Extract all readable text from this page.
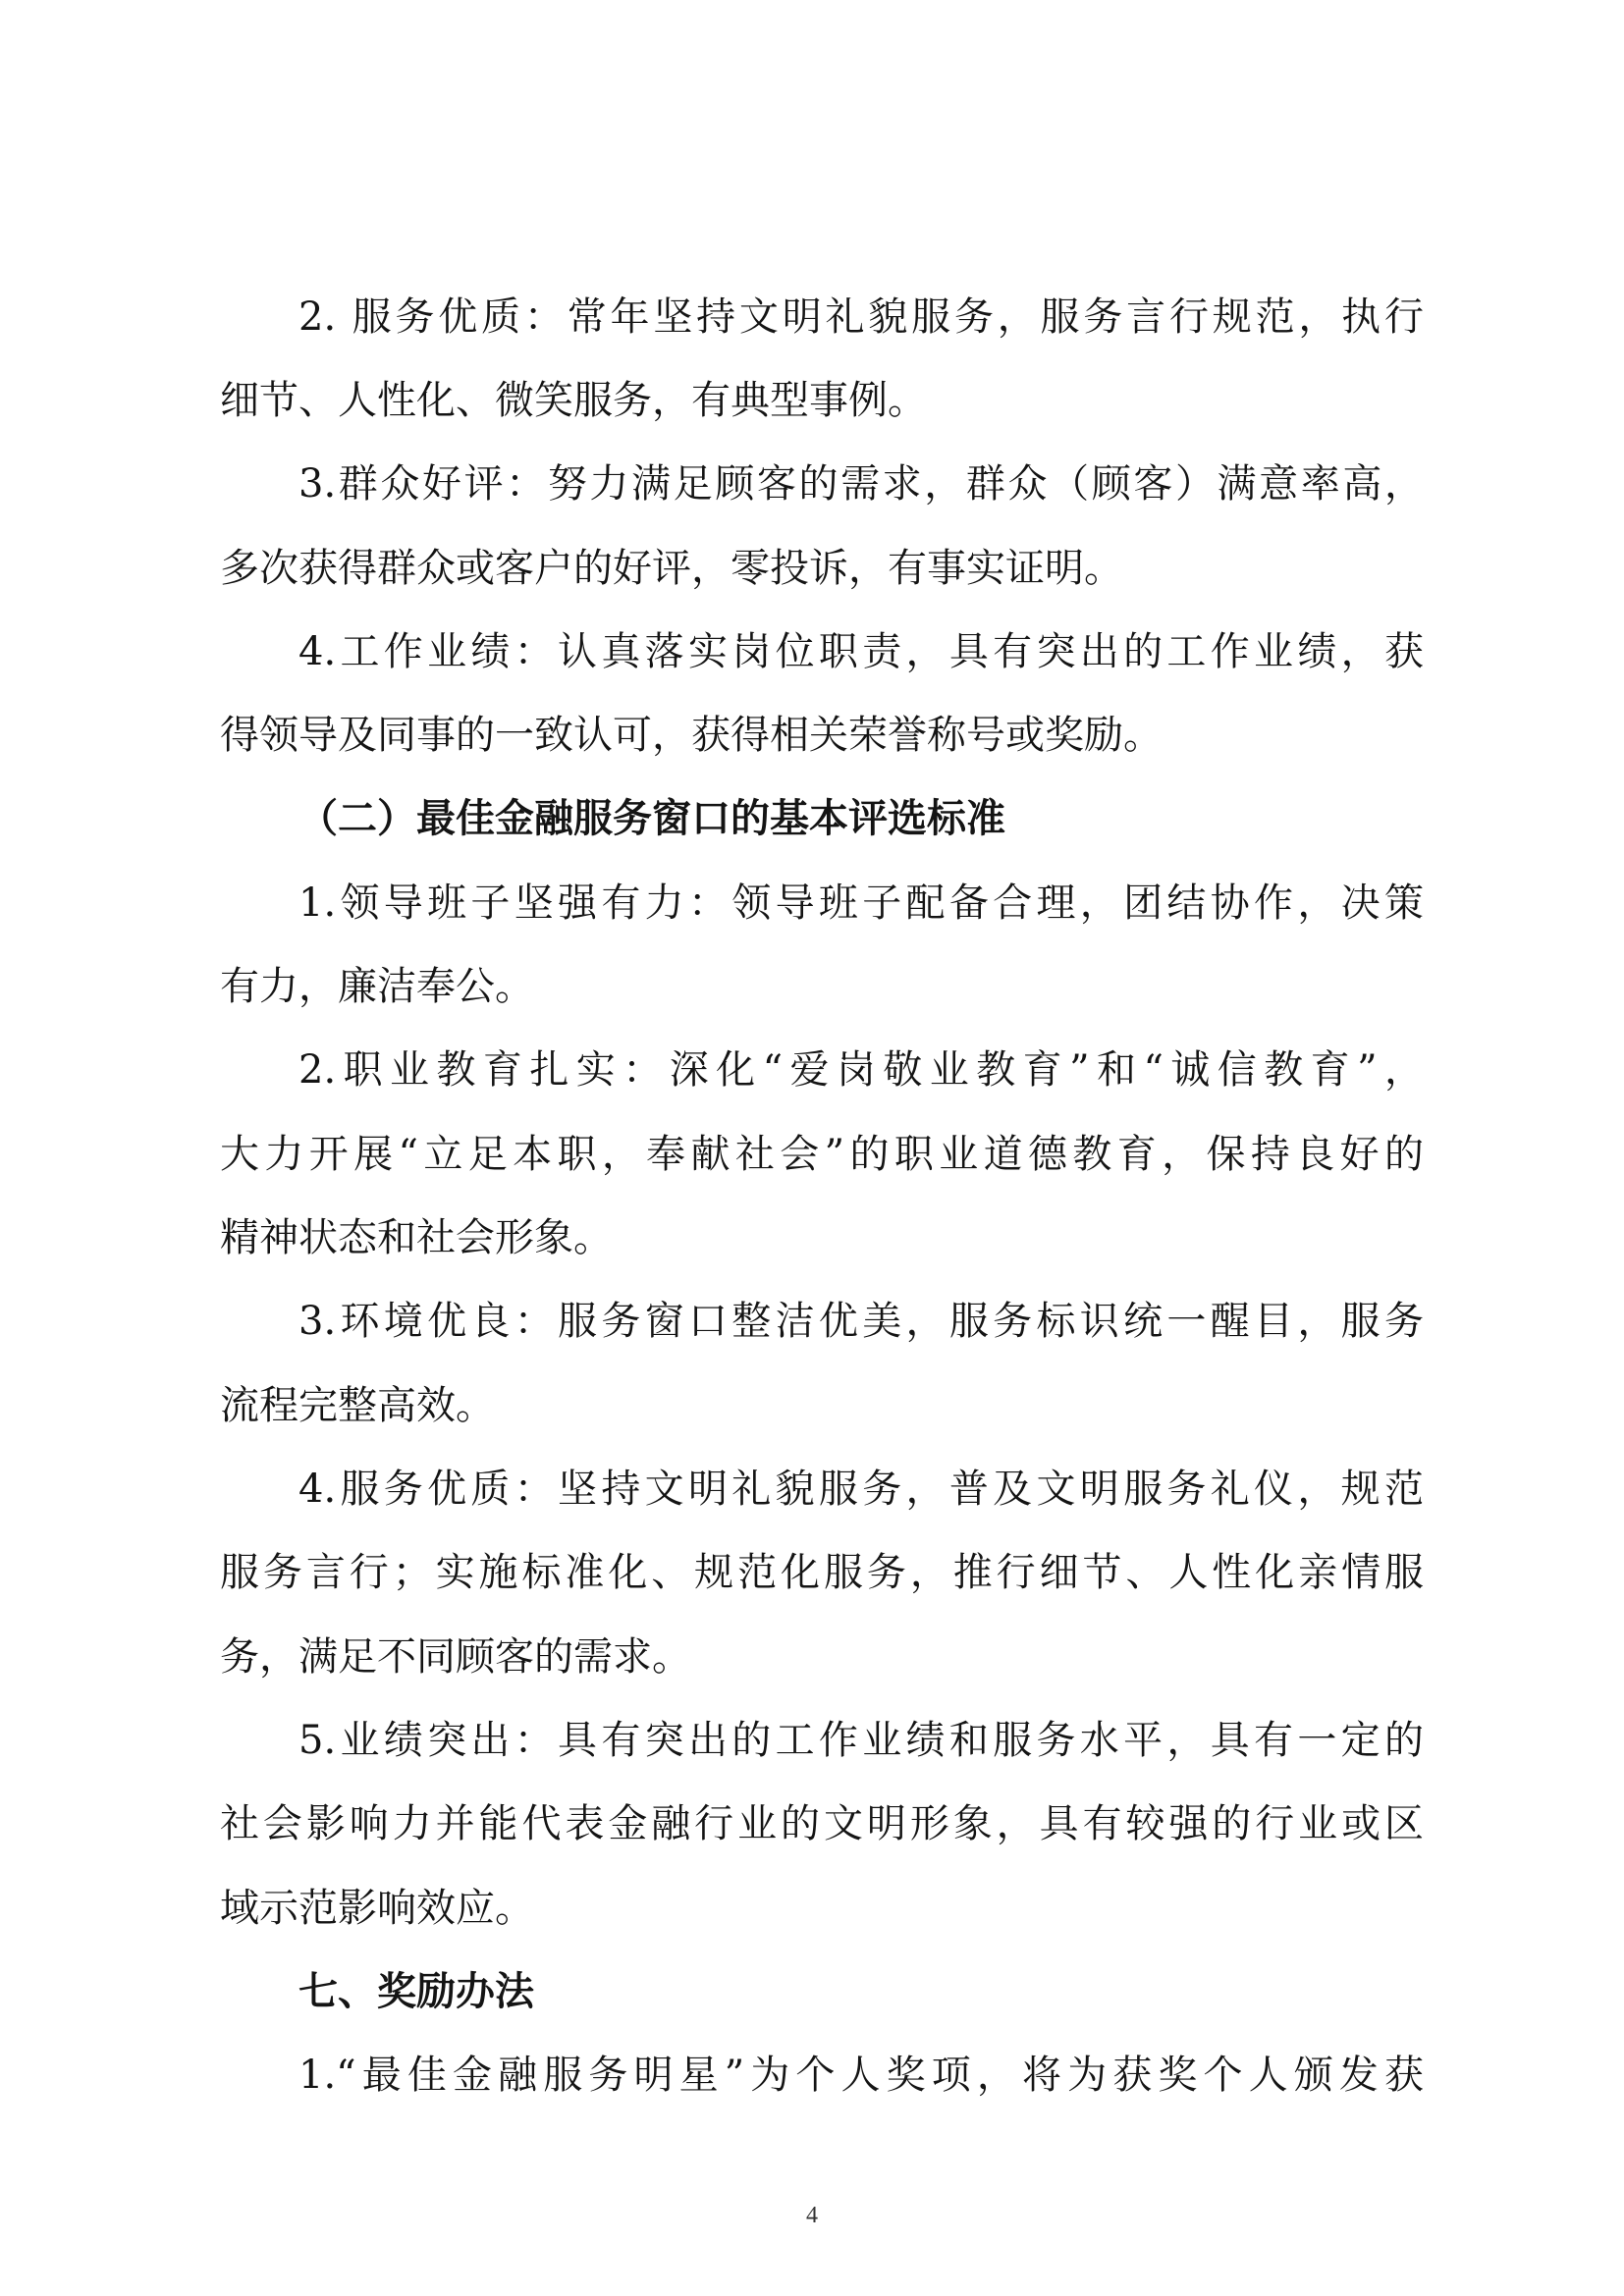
2. 服务优质：常年坚持文明礼貌服务，服务言行规范，执行
细节、人性化、微笑服务，有典型事例。
3.群众好评：努力满足顾客的需求，群众（顾客）满意率高，
多次获得群众或客户的好评，零投诉，有事实证明。
4.工作业绩：认真落实岗位职责，具有突出的工作业绩，获
得领导及同事的一致认可，获得相关荣誉称号或奖励。
（二）最佳金融服务窗口的基本评选标准
1.领导班子坚强有力：领导班子配备合理，团结协作，决策
有力，廉洁奉公。
2.职业教育扎实：深化“爱岗敬业教育”和“诚信教育”，
大力开展“立足本职，奉献社会”的职业道德教育，保持良好的
精神状态和社会形象。
3.环境优良：服务窗口整洁优美，服务标识统一醒目，服务
流程完整高效。
4.服务优质：坚持文明礼貌服务，普及文明服务礼仪，规范
服务言行；实施标准化、规范化服务，推行细节、人性化亲情服
务，满足不同顾客的需求。
5.业绩突出：具有突出的工作业绩和服务水平，具有一定的
社会影响力并能代表金融行业的文明形象，具有较强的行业或区
域示范影响效应。
七、奖励办法
1.“最佳金融服务明星”为个人奖项，将为获奖个人颁发获
4
